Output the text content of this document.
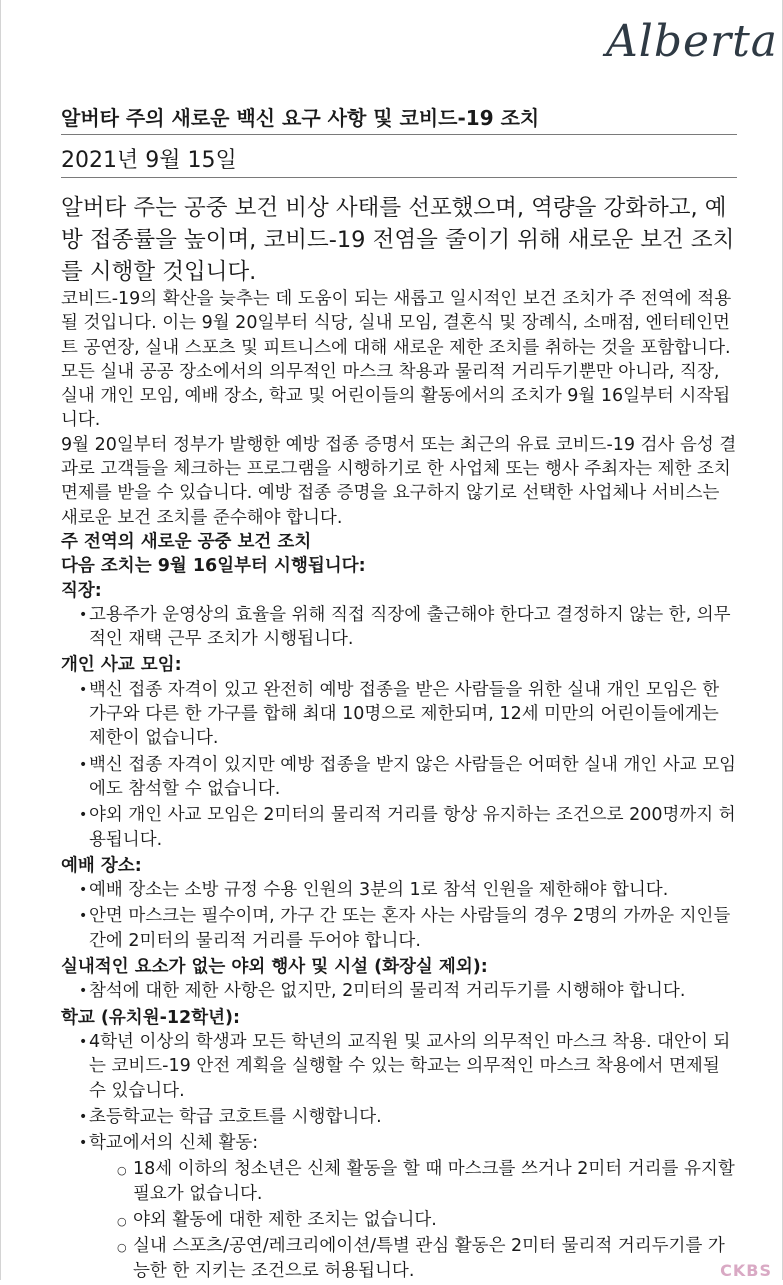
Alberta
알버타 주의 새로운 백신 요구 사항 및 코비드-19 조치
2021년 9월 15일

알버타 주는 공중 보건 비상 사태를 선포했으며, 역량을 강화하고, 예방 접종률을 높이며, 코비드-19 전염을 줄이기 위해 새로운 보건 조치를 시행할 것입니다.

코비드-19의 확산을 늦추는 데 도움이 되는 새롭고 일시적인 보건 조치가 주 전역에 적용될 것입니다. 이는 9월 20일부터 식당, 실내 모임, 결혼식 및 장례식, 소매점, 엔터테인먼트 공연장, 실내 스포츠 및 피트니스에 대해 새로운 제한 조치를 취하는 것을 포함합니다. 모든 실내 공공 장소에서의 의무적인 마스크 착용과 물리적 거리두기뿐만 아니라, 직장, 실내 개인 모임, 예배 장소, 학교 및 어린이들의 활동에서의 조치가 9월 16일부터 시작됩니다.

9월 20일부터 정부가 발행한 예방 접종 증명서 또는 최근의 유료 코비드-19 검사 음성 결과로 고객들을 체크하는 프로그램을 시행하기로 한 사업체 또는 행사 주최자는 제한 조치 면제를 받을 수 있습니다. 예방 접종 증명을 요구하지 않기로 선택한 사업체나 서비스는 새로운 보건 조치를 준수해야 합니다.

주 전역의 새로운 공중 보건 조치
다음 조치는 9월 16일부터 시행됩니다:
직장:
• 고용주가 운영상의 효율을 위해 직접 직장에 출근해야 한다고 결정하지 않는 한, 의무적인 재택 근무 조치가 시행됩니다.
개인 사교 모임:
• 백신 접종 자격이 있고 완전히 예방 접종을 받은 사람들을 위한 실내 개인 모임은 한 가구와 다른 한 가구를 합해 최대 10명으로 제한되며, 12세 미만의 어린이들에게는 제한이 없습니다.
• 백신 접종 자격이 있지만 예방 접종을 받지 않은 사람들은 어떠한 실내 개인 사교 모임에도 참석할 수 없습니다.
• 야외 개인 사교 모임은 2미터의 물리적 거리를 항상 유지하는 조건으로 200명까지 허용됩니다.
예배 장소:
• 예배 장소는 소방 규정 수용 인원의 3분의 1로 참석 인원을 제한해야 합니다.
• 안면 마스크는 필수이며, 가구 간 또는 혼자 사는 사람들의 경우 2명의 가까운 지인들 간에 2미터의 물리적 거리를 두어야 합니다.
실내적인 요소가 없는 야외 행사 및 시설 (화장실 제외):
• 참석에 대한 제한 사항은 없지만, 2미터의 물리적 거리두기를 시행해야 합니다.
학교 (유치원-12학년):
• 4학년 이상의 학생과 모든 학년의 교직원 및 교사의 의무적인 마스크 착용. 대안이 되는 코비드-19 안전 계획을 실행할 수 있는 학교는 의무적인 마스크 착용에서 면제될 수 있습니다.
• 초등학교는 학급 코호트를 시행합니다.
• 학교에서의 신체 활동:
○ 18세 이하의 청소년은 신체 활동을 할 때 마스크를 쓰거나 2미터 거리를 유지할 필요가 없습니다.
○ 야외 활동에 대한 제한 조치는 없습니다.
○ 실내 스포츠/공연/레크리에이션/특별 관심 활동은 2미터 물리적 거리두기를 가능한 한 지키는 조건으로 허용됩니다.	CKBS
